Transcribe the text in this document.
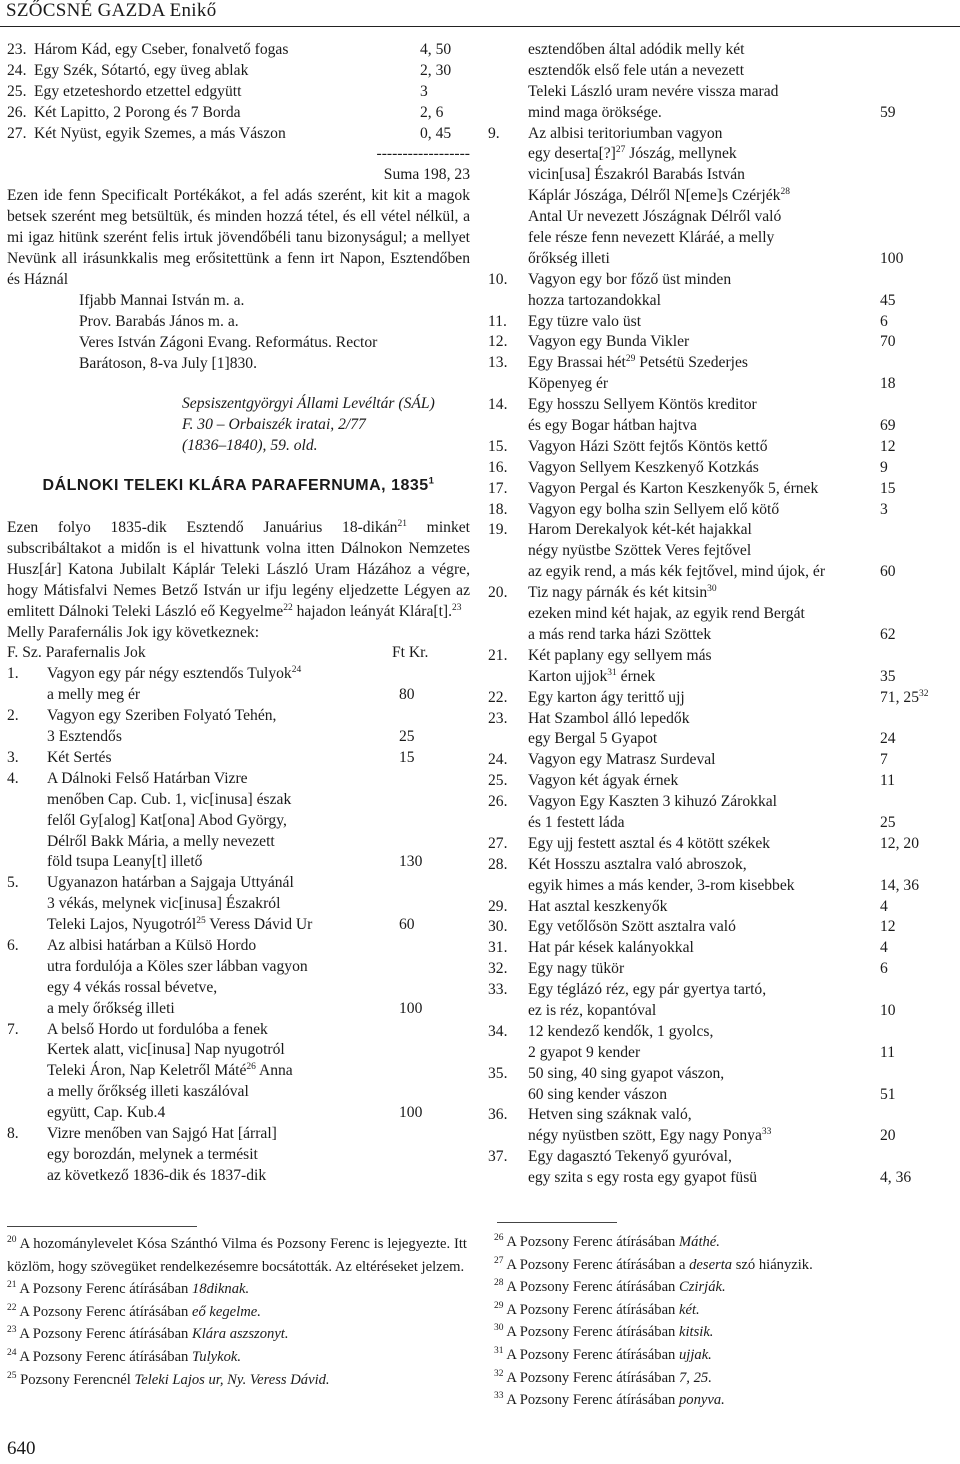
SZŐCSNÉ GAZDA Enikő
23. Három Kád, egy Cseber, fonalvető fogas	4, 50
24. Egy Szék, Sótartó, egy üveg ablak	2, 30
25. Egy etzeteshordo etzettel edgyütt	3
26. Két Lapitto, 2 Porong és 7 Borda	2, 6
27. Két Nyüst, egyik Szemes, a más Vászon	0, 45

------------------

Suma 198, 23

Ezen ide fenn Specificalt Portékákot, a fel adás szerént, kit kit a magok betsek szerént meg betsültük, és minden hozzá tétel, és ell vétel nélkül, a mi igaz hitünk szerént felis irtuk jövendőbéli tanu bizonyságul; a mellyet Nevünk all irásunkkalis meg erősitettünk a fenn irt Napon, Esztendőben és Háznál

Ifjabb Mannai István m. a.

Prov. Barabás János m. a.

Veres István Zágoni Evang. Református. Rector

Barátoson, 8-va July [1]830.

Sepsiszentgyörgyi Állami Levéltár (SÁL)

F. 30 – Orbaiszék iratai, 2/77

(1836–1840), 59. old.

DÁLNOKI TELEKI KLÁRA PARAFERNUMA, 1835$^1$

Ezen folyo 1835-dik Esztendő Januárius 18-dikán$^{21}$ minket subscribáltakot a midőn is el hivattunk volna itten Dálnokon Nemzetes Husz[ár] Katona Jubilalt Káplár Teleki László Uram Házához a végre, hogy Mátisfalvi Nemes Betző István ur ifju legény eljedzette Légyen az emlitett Dálnoki Teleki László eő Kegyelme$^{22}$ hajadon leányát Klára[t].$^{23}$

Melly Parafernális Jok igy következnek:

F. Sz. Parafernalis Jok	Ft Kr.
1. Vagyon egy pár négy esztendős Tulyok$^{24}$
a melly meg ér	80
2. Vagyon egy Szeriben Folyató Tehén,
3 Esztendős	25
3. Két Sertés	15
4. A Dálnoki Felső Határban Vizre
menőben Cap. Cub. 1, vic[inusa] észak
felől Gy[alog] Kat[ona] Abod György,
Délről Bakk Mária, a melly nevezett
föld tsupa Leany[t] illető	130
5. Ugyanazon határban a Sajgaja Uttyánál
3 vékás, melynek vic[inusa] Északról
Teleki Lajos, Nyugotról$^{25}$ Veress Dávid Ur	60
6. Az albisi határban a Külsö Hordo
utra fordulója a Köles szer lábban vagyon
egy 4 vékás rossal bévetve,
a mely őrőkség illeti	100
7. A belső Hordo ut fordulóba a fenek
Kertek alatt, vic[inusa] Nap nyugotról
Teleki Áron, Nap Keletről Máté$^{26}$ Anna
a melly őrőkség illeti kaszálóval
együtt, Cap. Kub.4	100
8. Vizre menőben van Sajgó Hat [árral]
egy borozdán, melynek a termésit
az következő 1836-dik és 1837-dik
esztendőben által adódik melly két
esztendők első fele után a nevezett
Teleki László uram nevére vissza marad
mind maga öröksége.	59
9. Az albisi teritoriumban vagyon
egy deserta[?]$^{27}$ Jószág, mellynek
vicin[usa] Északról Barabás István
Káplár Jószága, Délről N[eme]s Czérjék$^{28}$
Antal Ur nevezett Jószágnak Délről való
fele része fenn nevezett Kláráé, a melly
őrőkség illeti	100
10. Vagyon egy bor főző üst minden
hozza tartozandokkal	45
11. Egy tüzre valo üst	6
12. Vagyon egy Bunda Vikler	70
13. Egy Brassai hét$^{29}$ Petsétü Szederjes
Köpenyeg ér	18
14. Egy hosszu Sellyem Köntös kreditor
és egy Bogar hátban hajtva	69
15. Vagyon Házi Szött fejtős Köntös kettő	12
16. Vagyon Sellyem Keszkenyő Kotzkás	9
17. Vagyon Pergal és Karton Keszkenyők 5, érnek	15
18. Vagyon egy bolha szin Sellyem elő kötő	3
19. Harom Derekalyok két-két hajakkal
négy nyüstbe Szöttek Veres fejtővel
az egyik rend, a más kék fejtővel, mind újok, ér	60
20. Tiz nagy párnák és két kitsin$^{30}$
ezeken mind két hajak, az egyik rend Bergát
a más rend tarka házi Szöttek	62
21. Két paplany egy sellyem más
Karton ujjok$^{31}$ érnek	35
22. Egy karton ágy terittő ujj	71, $25^{32}$
23. Hat Szambol álló lepedők
egy Bergal 5 Gyapot	24
24. Vagyon egy Matrasz Surdeval	7
25. Vagyon két ágyak érnek	11
26. Vagyon Egy Kaszten 3 kihuzó Zárokkal
és 1 festett láda	25
27. Egy ujj festett asztal és 4 kötött székek	12, 20
28. Két Hosszu asztalra való abroszok,
egyik himes a más kender, 3-rom kisebbek	14, 36
29. Hat asztal keszkenyők	4
30. Egy vetőlősön Szött asztalra való	12
31. Hat pár kések kalányokkal	4
32. Egy nagy tükör	6
33. Egy téglázó réz, egy pár gyertya tartó,
ez is réz, kopantóval	10
34. 12 kendező kendők, 1 gyolcs,
2 gyapot 9 kender	11
35. 50 sing, 40 sing gyapot vászon,
60 sing kender vászon	51
36. Hetven sing száknak való,
négy nyüstben szött, Egy nagy Ponya$^{33}$	20
37. Egy dagasztó Tekenyő gyuróval,
egy szita s egy rosta egy gyapot füsü	4, 36

$^{20}$ A hozománylevelet Kósa Szánthó Vilma és Pozsony Ferenc is lejegyezte. Itt közlöm, hogy szövegüket rendelkezésemre bocsátották. Az eltéréseket jelzem.

$^{21}$ A Pozsony Ferenc átírásában 18diknak.

$^{22}$ A Pozsony Ferenc átírásában eő kegelme.

$^{23}$ A Pozsony Ferenc átírásában Klára aszszonyt.

$^{24}$ A Pozsony Ferenc átírásában Tulykok.

$^{25}$ Pozsony Ferencnél Teleki Lajos ur, Ny. Veress Dávid.

$^{26}$ A Pozsony Ferenc átírásában Máthé.

$^{27}$ A Pozsony Ferenc átírásában a deserta szó hiányzik.

$^{28}$ A Pozsony Ferenc átírásában Czirják.

$^{29}$ A Pozsony Ferenc átírásában két.

$^{30}$ A Pozsony Ferenc átírásában kitsik.

$^{31}$ A Pozsony Ferenc átírásában ujjak.

$^{32}$ A Pozsony Ferenc átírásában 7, 25.

$^{33}$ A Pozsony Ferenc átírásában ponyva.

640
